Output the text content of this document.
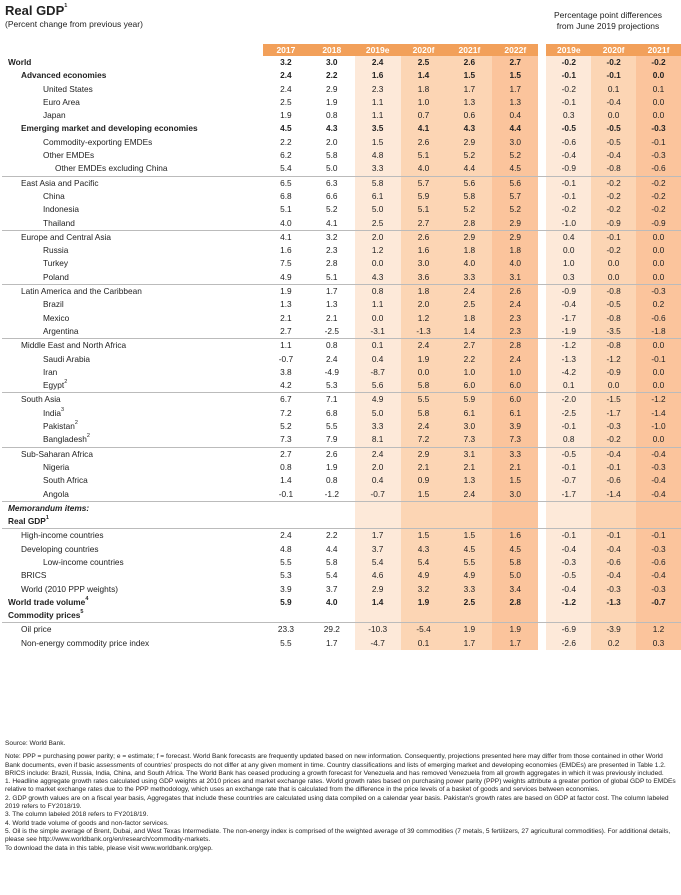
Real GDP$^1$
(Percent change from previous year)
Percentage point differences
from June 2019 projections
	2017	2018	2019e	2020f	2021f	2022f		2019e	2020f	2021f
World	3.2	3.0	2.4	2.5	2.6	2.7		-0.2	-0.2	-0.2
Advanced economies	2.4	2.2	1.6	1.4	1.5	1.5		-0.1	-0.1	0.0
United States	2.4	2.9	2.3	1.8	1.7	1.7		-0.2	0.1	0.1
Euro Area	2.5	1.9	1.1	1.0	1.3	1.3		-0.1	-0.4	0.0
Japan	1.9	0.8	1.1	0.7	0.6	0.4		0.3	0.0	0.0
Emerging market and developing economies	4.5	4.3	3.5	4.1	4.3	4.4		-0.5	-0.5	-0.3
Commodity-exporting EMDEs	2.2	2.0	1.5	2.6	2.9	3.0		-0.6	-0.5	-0.1
Other EMDEs	6.2	5.8	4.8	5.1	5.2	5.2		-0.4	-0.4	-0.3
Other EMDEs excluding China	5.4	5.0	3.3	4.0	4.4	4.5		-0.9	-0.8	-0.6
East Asia and Pacific	6.5	6.3	5.8	5.7	5.6	5.6		-0.1	-0.2	-0.2
China	6.8	6.6	6.1	5.9	5.8	5.7		-0.1	-0.2	-0.2
Indonesia	5.1	5.2	5.0	5.1	5.2	5.2		-0.2	-0.2	-0.2
Thailand	4.0	4.1	2.5	2.7	2.8	2.9		-1.0	-0.9	-0.9
Europe and Central Asia	4.1	3.2	2.0	2.6	2.9	2.9		0.4	-0.1	0.0
Russia	1.6	2.3	1.2	1.6	1.8	1.8		0.0	-0.2	0.0
Turkey	7.5	2.8	0.0	3.0	4.0	4.0		1.0	0.0	0.0
Poland	4.9	5.1	4.3	3.6	3.3	3.1		0.3	0.0	0.0
Latin America and the Caribbean	1.9	1.7	0.8	1.8	2.4	2.6		-0.9	-0.8	-0.3
Brazil	1.3	1.3	1.1	2.0	2.5	2.4		-0.4	-0.5	0.2
Mexico	2.1	2.1	0.0	1.2	1.8	2.3		-1.7	-0.8	-0.6
Argentina	2.7	-2.5	-3.1	-1.3	1.4	2.3		-1.9	-3.5	-1.8
Middle East and North Africa	1.1	0.8	0.1	2.4	2.7	2.8		-1.2	-0.8	0.0
Saudi Arabia	-0.7	2.4	0.4	1.9	2.2	2.4		-1.3	-1.2	-0.1
Iran	3.8	-4.9	-8.7	0.0	1.0	1.0		-4.2	-0.9	0.0
Egypt$^2$	4.2	5.3	5.6	5.8	6.0	6.0		0.1	0.0	0.0
South Asia	6.7	7.1	4.9	5.5	5.9	6.0		-2.0	-1.5	-1.2
India$^3$	7.2	6.8	5.0	5.8	6.1	6.1		-2.5	-1.7	-1.4
Pakistan$^2$	5.2	5.5	3.3	2.4	3.0	3.9		-0.1	-0.3	-1.0
Bangladesh$^2$	7.3	7.9	8.1	7.2	7.3	7.3		0.8	-0.2	0.0
Sub-Saharan Africa	2.7	2.6	2.4	2.9	3.1	3.3		-0.5	-0.4	-0.4
Nigeria	0.8	1.9	2.0	2.1	2.1	2.1		-0.1	-0.1	-0.3
South Africa	1.4	0.8	0.4	0.9	1.3	1.5		-0.7	-0.6	-0.4
Angola	-0.1	-1.2	-0.7	1.5	2.4	3.0		-1.7	-1.4	-0.4
Memorandum items:										
Real GDP$^1$										
High-income countries	2.4	2.2	1.7	1.5	1.5	1.6		-0.1	-0.1	-0.1
Developing countries	4.8	4.4	3.7	4.3	4.5	4.5		-0.4	-0.4	-0.3
Low-income countries	5.5	5.8	5.4	5.4	5.5	5.8		-0.3	-0.6	-0.6
BRICS	5.3	5.4	4.6	4.9	4.9	5.0		-0.5	-0.4	-0.4
World (2010 PPP weights)	3.9	3.7	2.9	3.2	3.3	3.4		-0.4	-0.3	-0.3
World trade volume$^4$	5.9	4.0	1.4	1.9	2.5	2.8		-1.2	-1.3	-0.7
Commodity prices$^5$										
Oil price	23.3	29.2	-10.3	-5.4	1.9	1.9		-6.9	-3.9	1.2
Non-energy commodity price index	5.5	1.7	-4.7	0.1	1.7	1.7		-2.6	0.2	0.3

Source: World Bank.

Note: PPP = purchasing power parity; e = estimate; f = forecast. World Bank forecasts are frequently updated based on new information. Consequently, projections presented here may differ from those contained in other World Bank documents, even if basic assessments of countries' prospects do not differ at any given moment in time. Country classifications and lists of emerging market and developing economies (EMDEs) are presented in Table 1.2. BRICS include: Brazil, Russia, India, China, and South Africa. The World Bank has ceased producing a growth forecast for Venezuela and has removed Venezuela from all growth aggregates in which it was previously included.

1. Headline aggregate growth rates calculated using GDP weights at 2010 prices and market exchange rates. World growth rates based on purchasing power parity (PPP) weights attribute a greater portion of global GDP to EMDEs relative to market exchange rates due to the PPP methodology, which uses an exchange rate that is calculated from the difference in the price levels of a basket of goods and services between economies.

2. GDP growth values are on a fiscal year basis, Aggregates that include these countries are calculated using data compiled on a calendar year basis. Pakistan's growth rates are based on GDP at factor cost. The column labeled 2019 refers to FY2018/19.

3. The column labeled 2018 refers to FY2018/19.

4. World trade volume of goods and non-factor services.

5. Oil is the simple average of Brent, Dubai, and West Texas Intermediate. The non-energy index is comprised of the weighted average of 39 commodities (7 metals, 5 fertilizers, 27 agricultural commodities). For additional details, please see http://www.worldbank.org/en/research/commodity-markets.

To download the data in this table, please visit www.worldbank.org/gep.
